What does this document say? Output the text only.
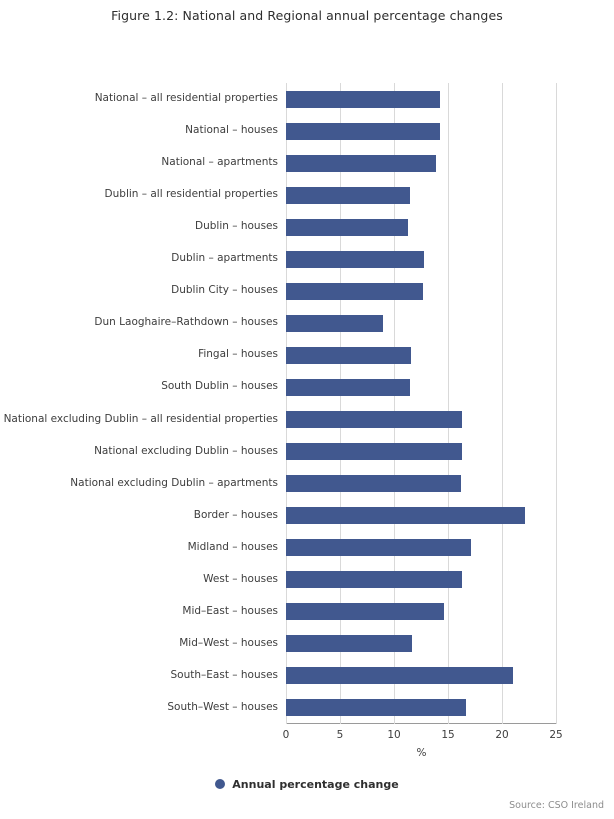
Figure 1.2: National and Regional annual percentage changes
National – all residential properties
National – houses
National – apartments
Dublin – all residential properties
Dublin – houses
Dublin – apartments
Dublin City – houses
Dun Laoghaire–Rathdown – houses
Fingal – houses
South Dublin – houses
National excluding Dublin – all residential properties
National excluding Dublin – houses
National excluding Dublin – apartments
Border – houses
Midland – houses
West – houses
Mid–East – houses
Mid–West – houses
South–East – houses
South–West – houses
0	5	10	15	20	25
%
Annual percentage change
Source: CSO Ireland
